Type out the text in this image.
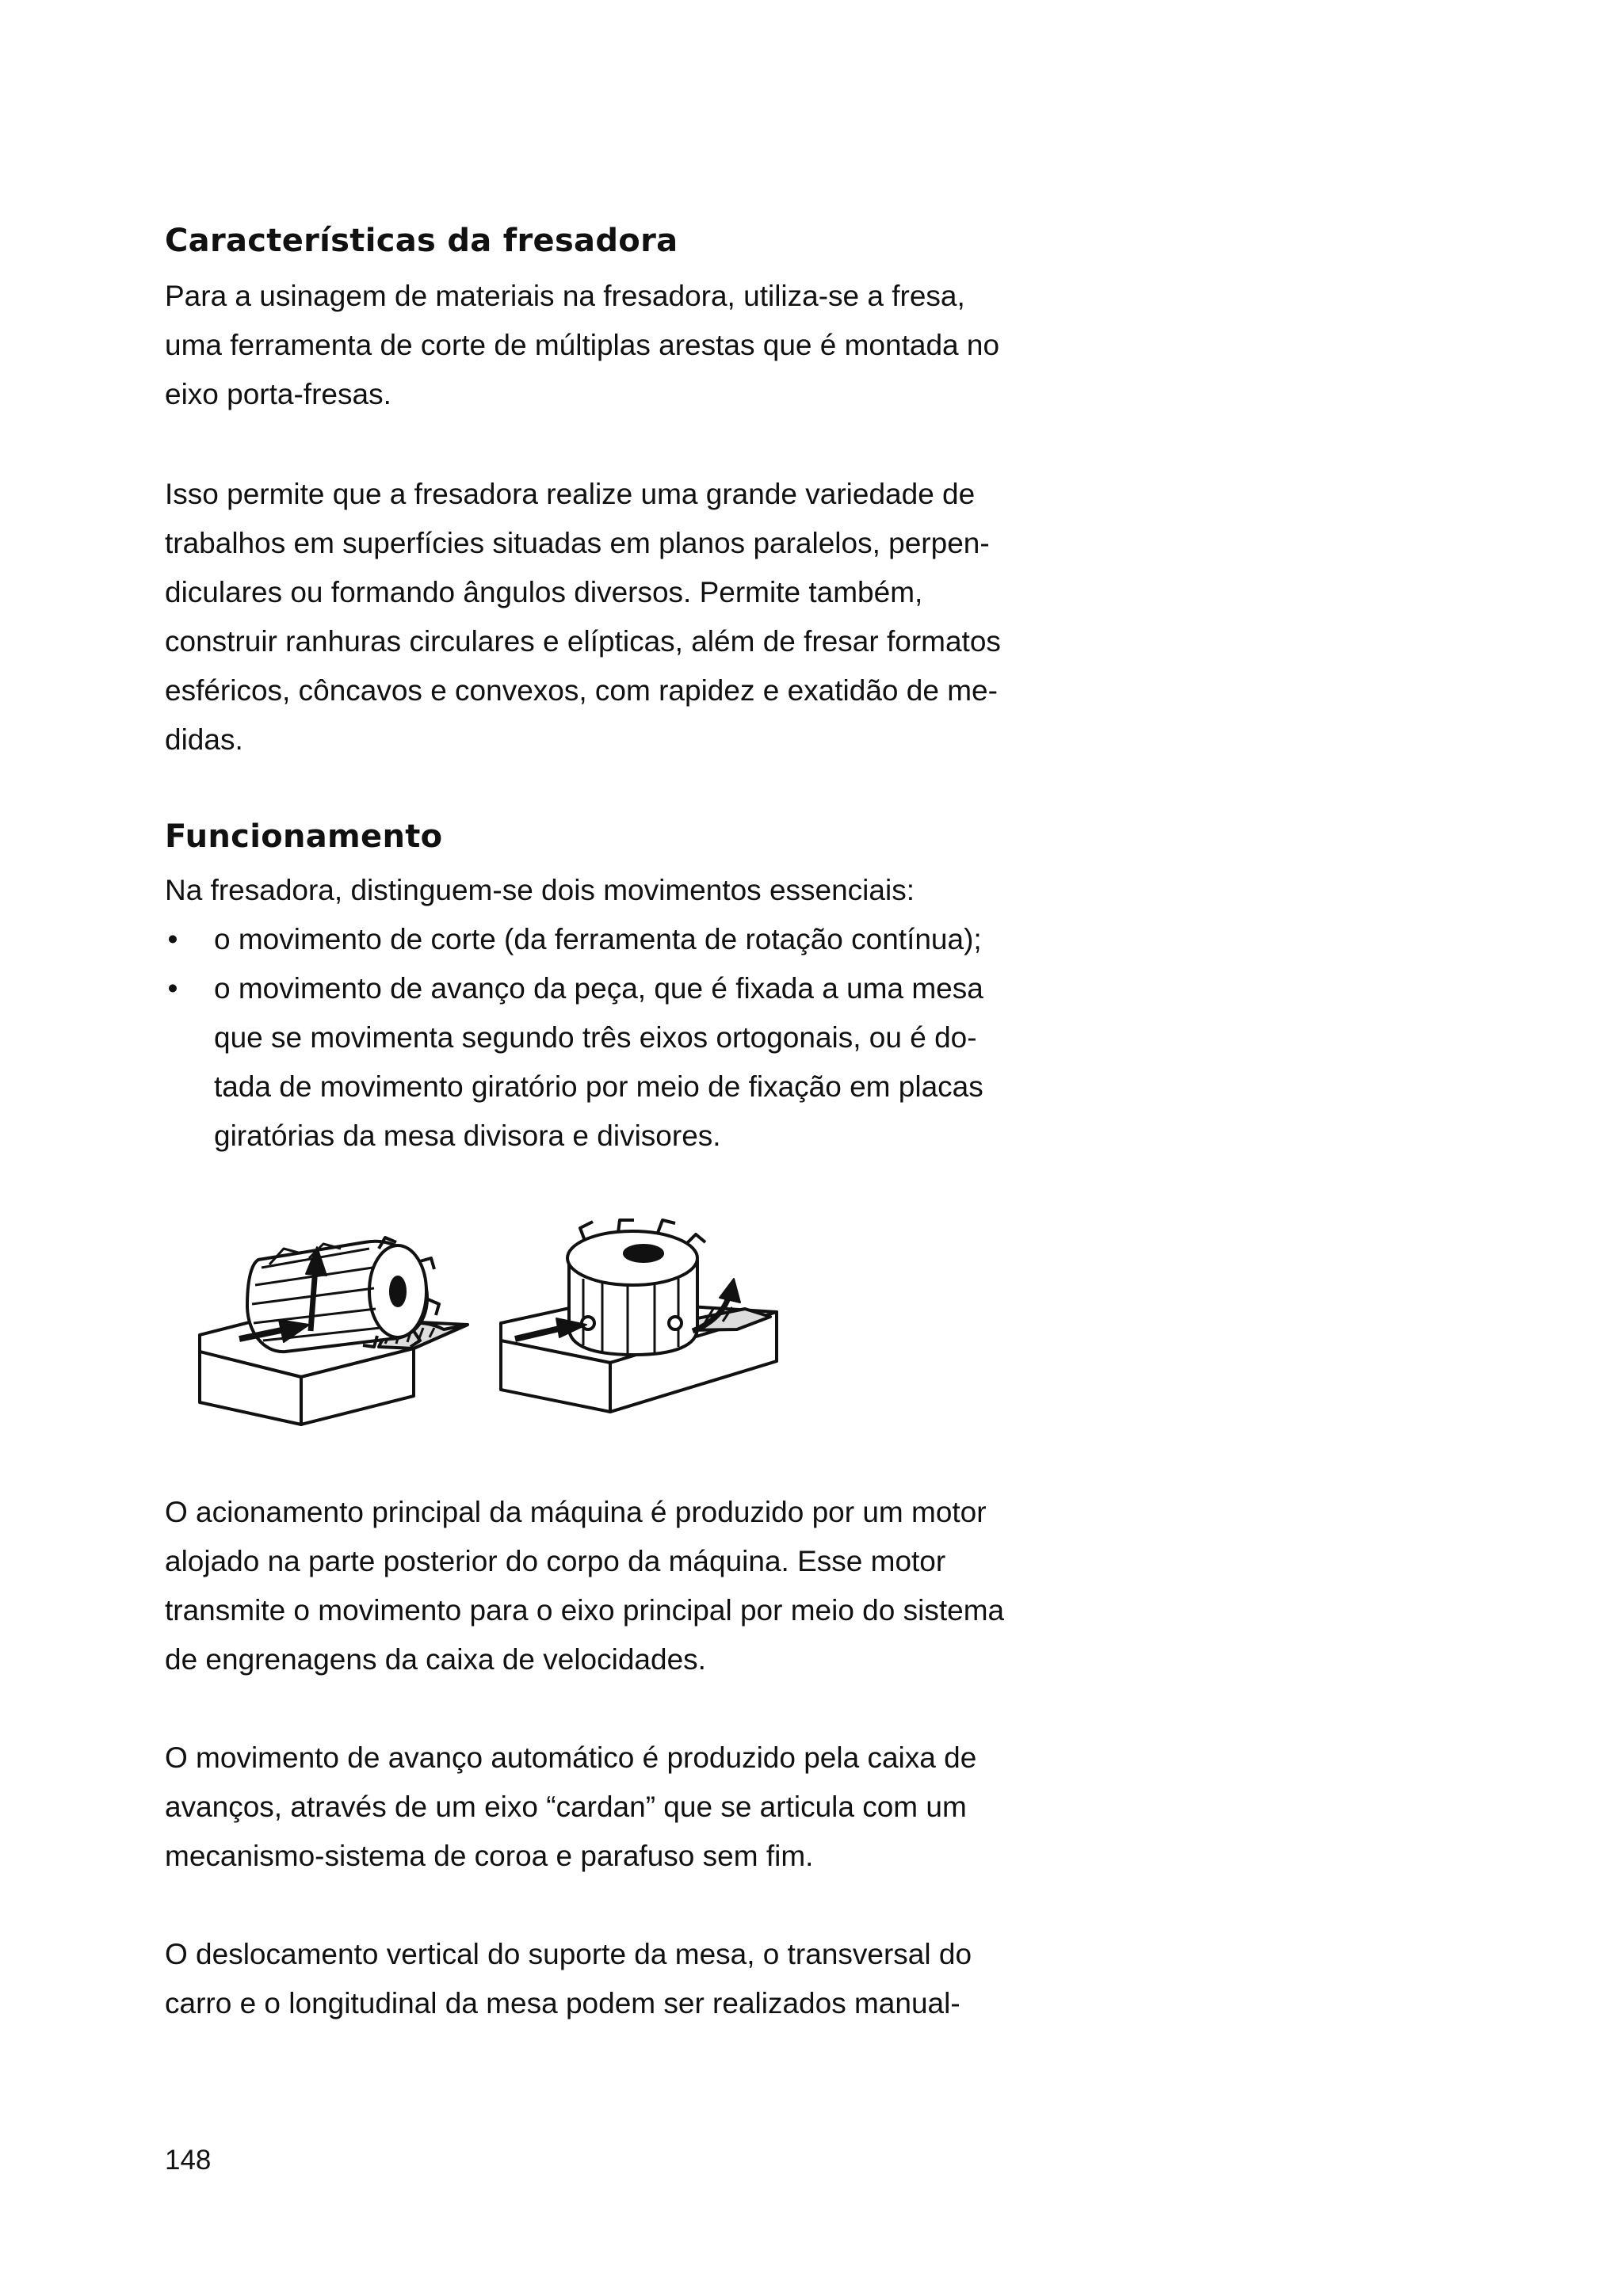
Características da fresadora

Para a usinagem de materiais na fresadora, utiliza-se a fresa,
uma ferramenta de corte de múltiplas arestas que é montada no
eixo porta-fresas.

Isso permite que a fresadora realize uma grande variedade de
trabalhos em superfícies situadas em planos paralelos, perpen-
diculares ou formando ângulos diversos. Permite também,
construir ranhuras circulares e elípticas, além de fresar formatos
esféricos, côncavos e convexos, com rapidez e exatidão de me-
didas.

Funcionamento

Na fresadora, distinguem-se dois movimentos essenciais:

• o movimento de corte (da ferramenta de rotação contínua);
• o movimento de avanço da peça, que é fixada a uma mesa
que se movimenta segundo três eixos ortogonais, ou é do-
tada de movimento giratório por meio de fixação em placas
giratórias da mesa divisora e divisores.

O acionamento principal da máquina é produzido por um motor
alojado na parte posterior do corpo da máquina. Esse motor
transmite o movimento para o eixo principal por meio do sistema
de engrenagens da caixa de velocidades.

O movimento de avanço automático é produzido pela caixa de
avanços, através de um eixo “cardan” que se articula com um
mecanismo-sistema de coroa e parafuso sem fim.

O deslocamento vertical do suporte da mesa, o transversal do
carro e o longitudinal da mesa podem ser realizados manual-

148
